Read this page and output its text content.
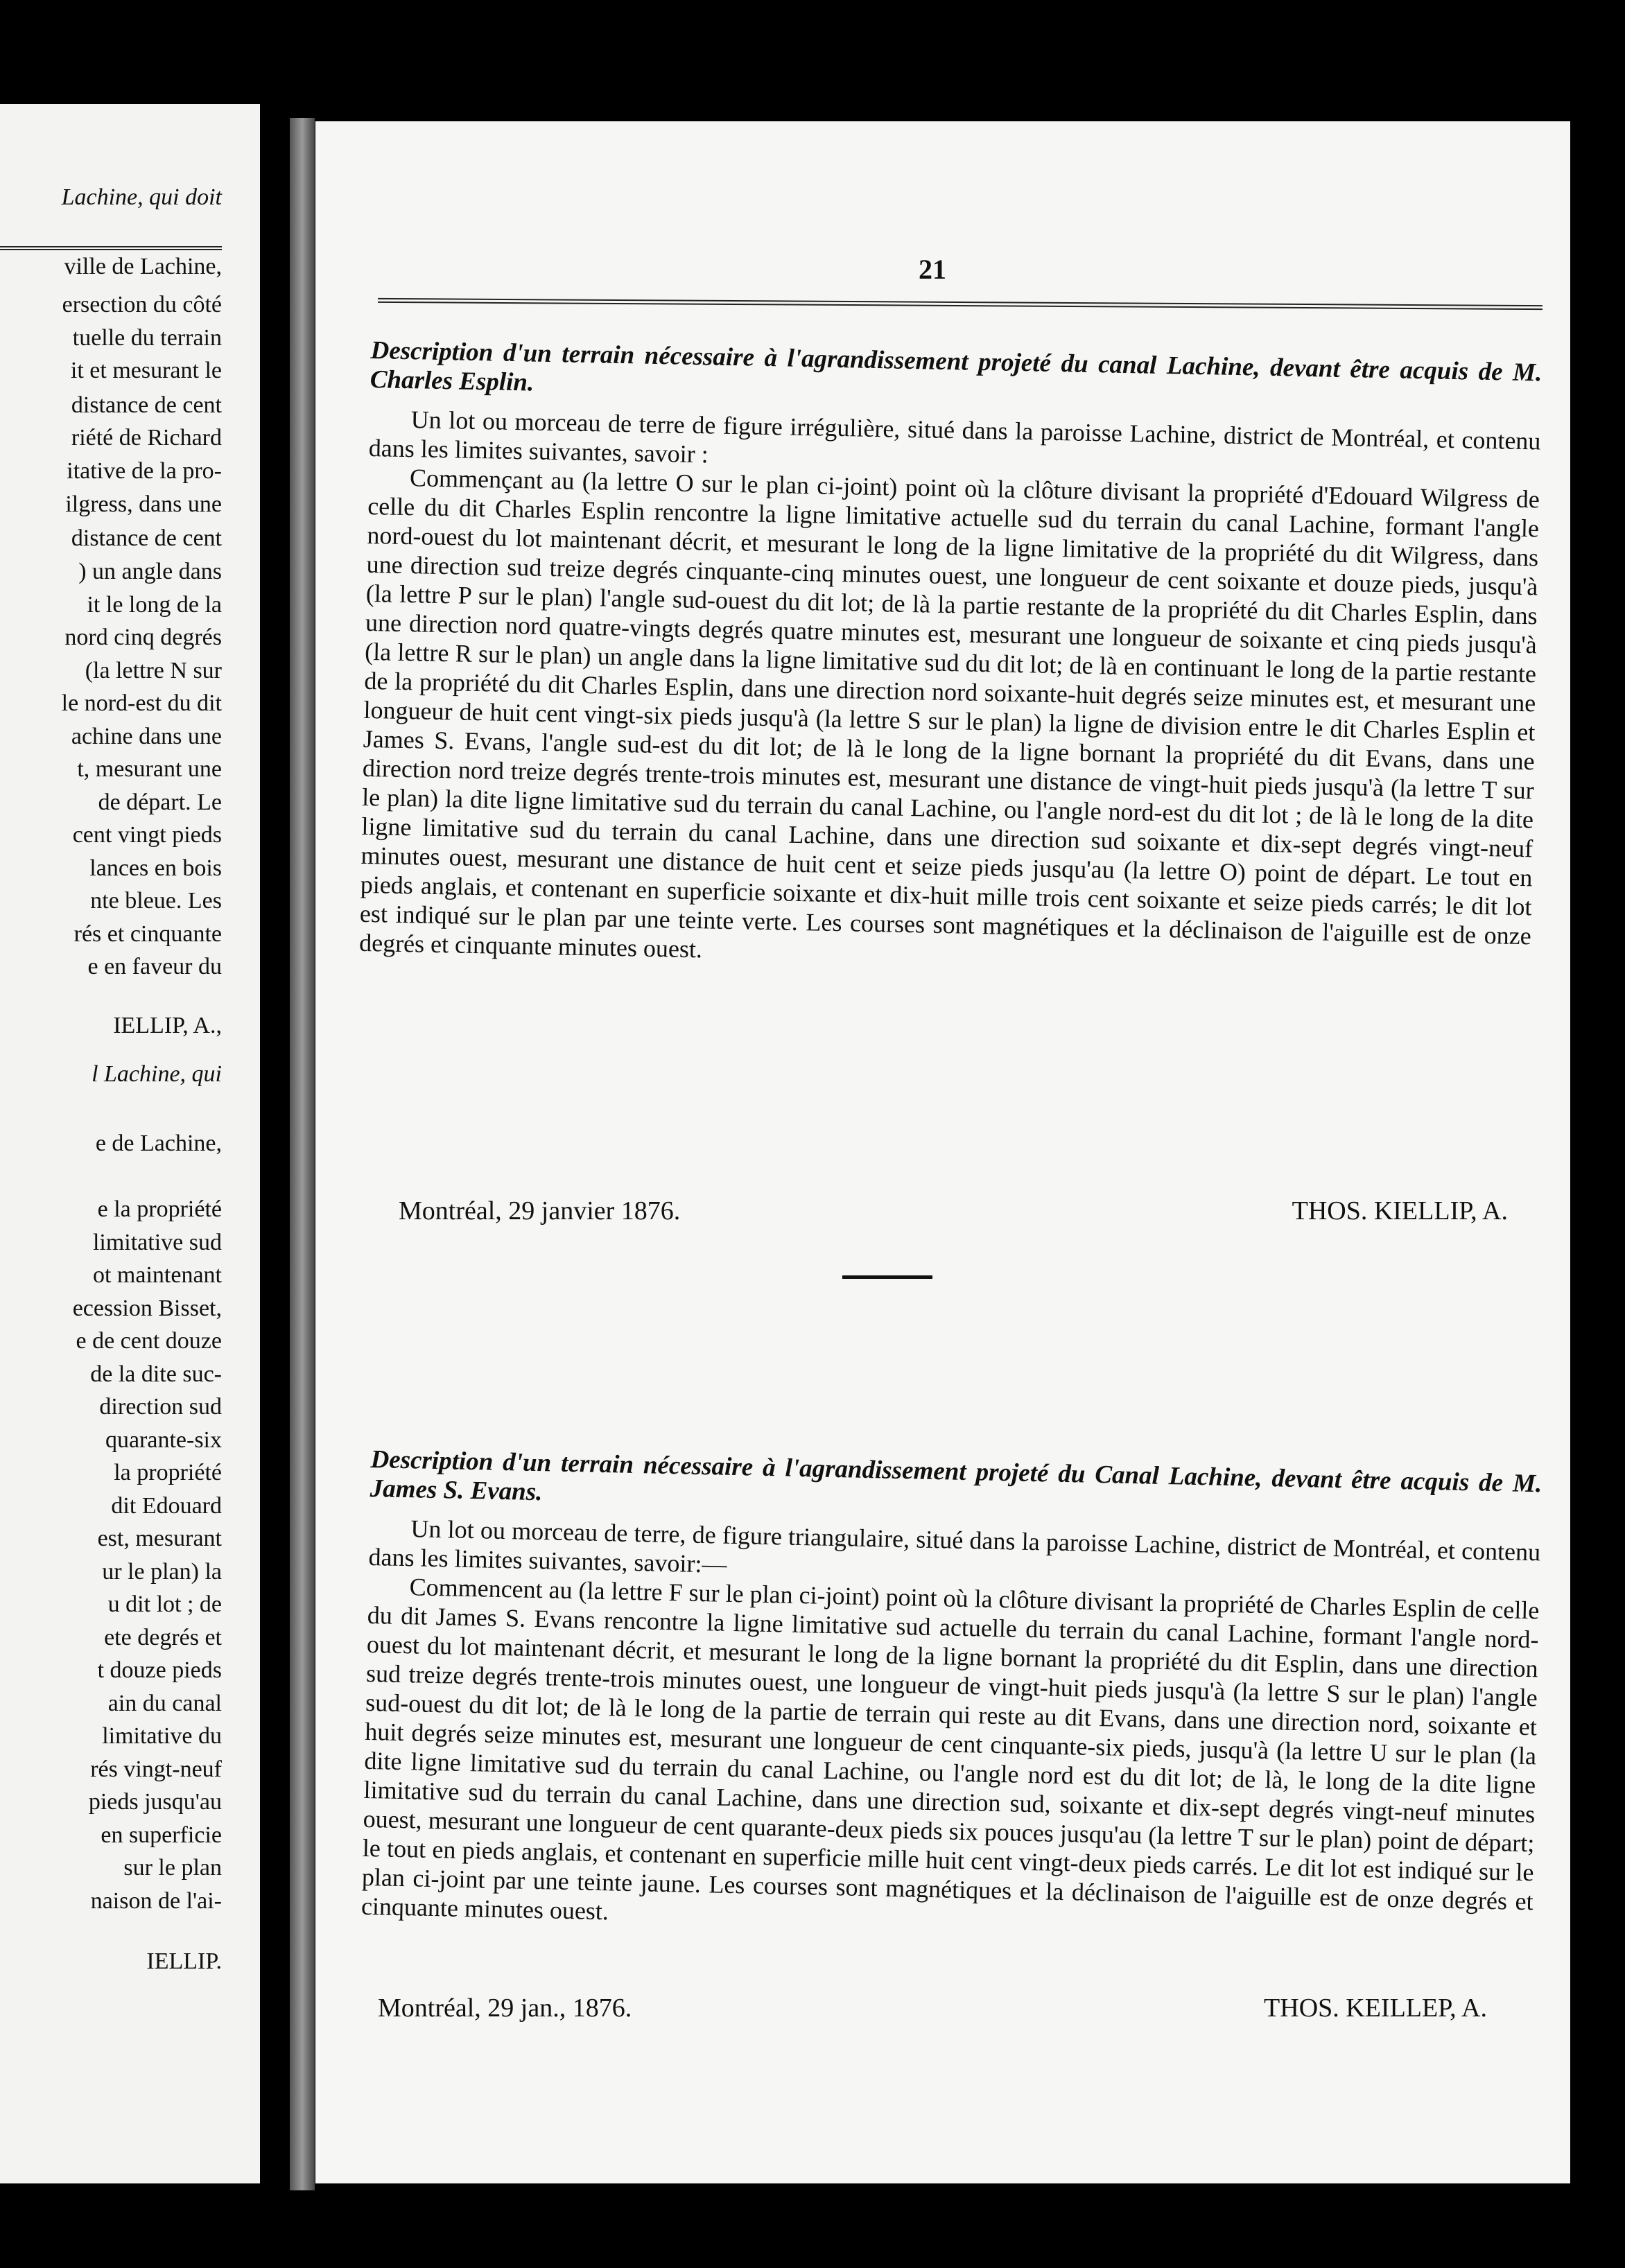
Lachine, qui doit
ville de Lachine,
ersection du côté
tuelle du terrain
it et mesurant le
distance de cent
riété de Richard
itative de la pro-
ilgress, dans une
distance de cent
) un angle dans
it le long de la
nord cinq degrés
(la lettre N sur
le nord-est du dit
achine dans une
t, mesurant une
de départ. Le
cent vingt pieds
lances en bois
nte bleue. Les
rés et cinquante
e en faveur du
IELLIP, A.,
l Lachine, qui
e de Lachine,
e la propriété
limitative sud
ot maintenant
ecession Bisset,
e de cent douze
de la dite suc-
direction sud
quarante-six
la propriété
dit Edouard
est, mesurant
ur le plan) la
u dit lot ; de
ete degrés et
t douze pieds
ain du canal
limitative du
rés vingt-neuf
pieds jusqu'au
en superficie
sur le plan
naison de l'ai-
IELLIP.
21
Description d'un terrain nécessaire à l'agrandissement projeté du canal Lachine, devant être acquis de M. Charles Esplin.

Un lot ou morceau de terre de figure irrégulière, situé dans la paroisse Lachine, district de Montréal, et contenu dans les limites suivantes, savoir :

Commençant au (la lettre O sur le plan ci-joint) point où la clôture divisant la propriété d'Edouard Wilgress de celle du dit Charles Esplin rencontre la ligne limitative actuelle sud du terrain du canal Lachine, formant l'angle nord-ouest du lot maintenant décrit, et mesurant le long de la ligne limitative de la propriété du dit Wilgress, dans une direction sud treize degrés cinquante-cinq minutes ouest, une longueur de cent soixante et douze pieds, jusqu'à (la lettre P sur le plan) l'angle sud-ouest du dit lot; de là la partie restante de la propriété du dit Charles Esplin, dans une direction nord quatre-vingts degrés quatre minutes est, mesurant une longueur de soixante et cinq pieds jusqu'à (la lettre R sur le plan) un angle dans la ligne limitative sud du dit lot; de là en continuant le long de la partie restante de la propriété du dit Charles Esplin, dans une direction nord soixante-huit degrés seize minutes est, et mesurant une longueur de huit cent vingt-six pieds jusqu'à (la lettre S sur le plan) la ligne de division entre le dit Charles Esplin et James S. Evans, l'angle sud-est du dit lot; de là le long de la ligne bornant la propriété du dit Evans, dans une direction nord treize degrés trente-trois minutes est, mesurant une distance de vingt-huit pieds jusqu'à (la lettre T sur le plan) la dite ligne limitative sud du terrain du canal Lachine, ou l'angle nord-est du dit lot ; de là le long de la dite ligne limitative sud du terrain du canal Lachine, dans une direction sud soixante et dix-sept degrés vingt-neuf minutes ouest, mesurant une distance de huit cent et seize pieds jusqu'au (la lettre O) point de départ. Le tout en pieds anglais, et contenant en superficie soixante et dix-huit mille trois cent soixante et seize pieds carrés; le dit lot est indiqué sur le plan par une teinte verte. Les courses sont magnétiques et la déclinaison de l'aiguille est de onze degrés et cinquante minutes ouest.

Montréal, 29 janvier 1876.	THOS. KIELLIP, A.
Description d'un terrain nécessaire à l'agrandissement projeté du Canal Lachine, devant être acquis de M. James S. Evans.

Un lot ou morceau de terre, de figure triangulaire, situé dans la paroisse Lachine, district de Montréal, et contenu dans les limites suivantes, savoir:—

Commencent au (la lettre F sur le plan ci-joint) point où la clôture divisant la propriété de Charles Esplin de celle du dit James S. Evans rencontre la ligne limitative sud actuelle du terrain du canal Lachine, formant l'angle nord-ouest du lot maintenant décrit, et mesurant le long de la ligne bornant la propriété du dit Esplin, dans une direction sud treize degrés trente-trois minutes ouest, une longueur de vingt-huit pieds jusqu'à (la lettre S sur le plan) l'angle sud-ouest du dit lot; de là le long de la partie de terrain qui reste au dit Evans, dans une direction nord, soixante et huit degrés seize minutes est, mesurant une longueur de cent cinquante-six pieds, jusqu'à (la lettre U sur le plan (la dite ligne limitative sud du terrain du canal Lachine, ou l'angle nord est du dit lot; de là, le long de la dite ligne limitative sud du terrain du canal Lachine, dans une direction sud, soixante et dix-sept degrés vingt-neuf minutes ouest, mesurant une longueur de cent quarante-deux pieds six pouces jusqu'au (la lettre T sur le plan) point de départ; le tout en pieds anglais, et contenant en superficie mille huit cent vingt-deux pieds carrés. Le dit lot est indiqué sur le plan ci-joint par une teinte jaune. Les courses sont magnétiques et la déclinaison de l'aiguille est de onze degrés et cinquante minutes ouest.

Montréal, 29 jan., 1876.	THOS. KEILLEP, A.
